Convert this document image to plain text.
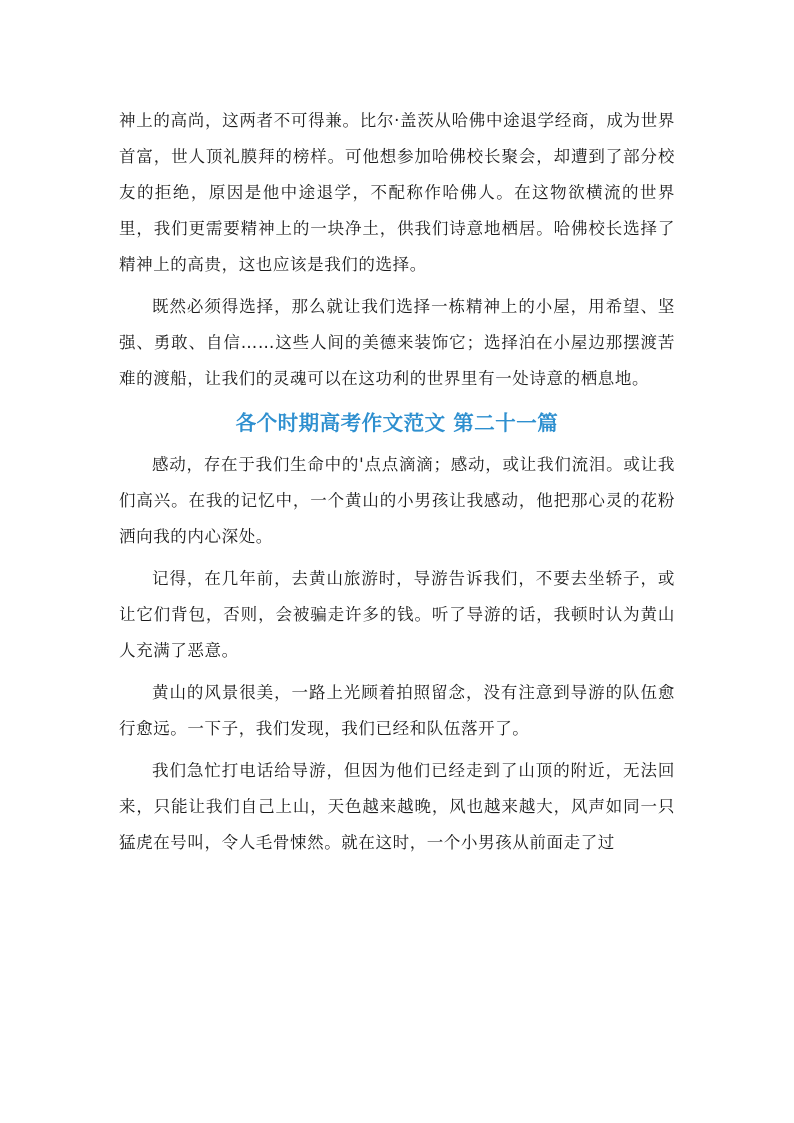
神上的高尚，这两者不可得兼。比尔·盖茨从哈佛中途退学经商，成为世界首富，世人顶礼膜拜的榜样。可他想参加哈佛校长聚会，却遭到了部分校友的拒绝，原因是他中途退学，不配称作哈佛人。在这物欲横流的世界里，我们更需要精神上的一块净土，供我们诗意地栖居。哈佛校长选择了精神上的高贵，这也应该是我们的选择。

既然必须得选择，那么就让我们选择一栋精神上的小屋，用希望、坚强、勇敢、自信……这些人间的美德来装饰它；选择泊在小屋边那摆渡苦难的渡船，让我们的灵魂可以在这功利的世界里有一处诗意的栖息地。

各个时期高考作文范文 第二十一篇

感动，存在于我们生命中的'点点滴滴；感动，或让我们流泪。或让我们高兴。在我的记忆中，一个黄山的小男孩让我感动，他把那心灵的花粉洒向我的内心深处。

记得，在几年前，去黄山旅游时，导游告诉我们，不要去坐轿子，或让它们背包，否则，会被骗走许多的钱。听了导游的话，我顿时认为黄山人充满了恶意。

黄山的风景很美，一路上光顾着拍照留念，没有注意到导游的队伍愈行愈远。一下子，我们发现，我们已经和队伍落开了。

我们急忙打电话给导游，但因为他们已经走到了山顶的附近，无法回来，只能让我们自己上山，天色越来越晚，风也越来越大，风声如同一只猛虎在号叫，令人毛骨悚然。就在这时，一个小男孩从前面走了过
